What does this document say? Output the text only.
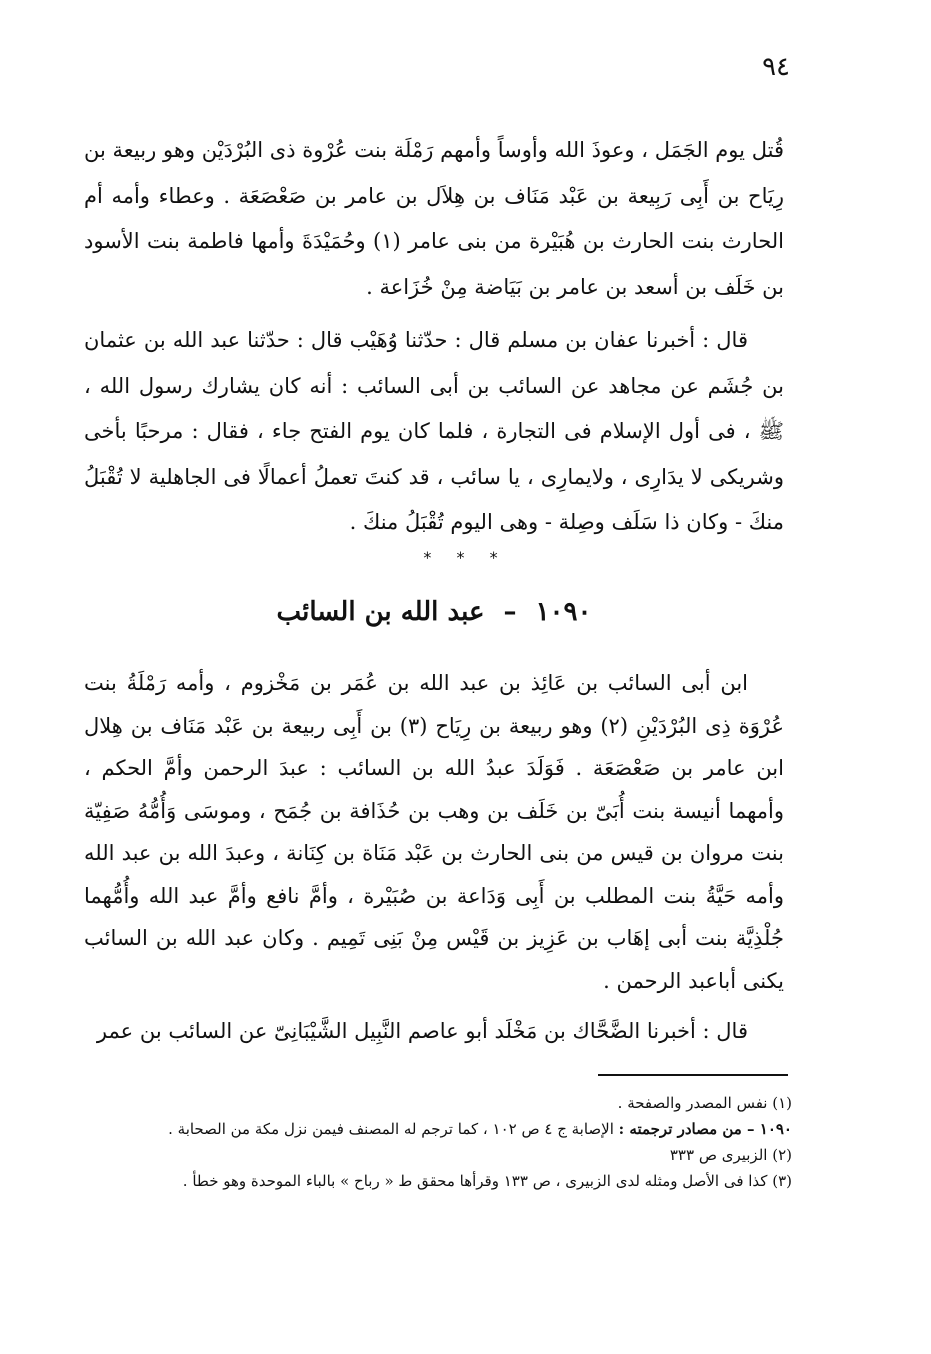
٩٤

قُتل يوم الجَمَل ، وعوذَ الله وأوساً وأمهم رَمْلَة بنت عُرْوة ذى البُرْدَيْن وهو ربيعة بن رِيَاح بن أَبِى رَبِيعة بن عَبْد مَنَاف بن هِلاَل بن عامر بن صَعْصَعَة . وعطاء وأمه أم الحارث بنت الحارث بن هُبَيْرة من بنى عامر (١) وحُمَيْدَةَ وأمها فاطمة بنت الأسود بن خَلَف بن أسعد بن عامر بن بَيَاضة مِنْ خُزَاعة .

قال : أخبرنا عفان بن مسلم قال : حدّثنا وُهَيْب قال : حدّثنا عبد الله بن عثمان بن جُشَم عن مجاهد عن السائب بن أبى السائب : أنه كان يشارك رسول الله ، ﷺ ، فى أول الإسلام فى التجارة ، فلما كان يوم الفتح جاء ، فقال : مرحبًا بأخى وشريكى لا يدَارِى ، ولايمارِى ، يا سائب ، قد كنتَ تعملُ أعمالًا فى الجاهلية لا تُقْبَلُ منكَ - وكان ذا سَلَف وصِلة - وهى اليوم تُقْبَلُ منكَ .

* * *
١٠٩٠ – عبد الله بن السائب

ابن أبى السائب بن عَائِذ بن عبد الله بن عُمَر بن مَخْزوم ، وأمه رَمْلَةُ بنت عُرْوَة ذِى البُرْدَيْنِ (٢) وهو ربيعة بن رِيَاح (٣) بن أَبِى ربيعة بن عَبْد مَنَاف بن هِلال ابن عامر بن صَعْصَعَة . فَوَلَدَ عبدُ الله بن السائب : عبدَ الرحمن وأمَّ الحكم ، وأمهما أنيسة بنت أُبَىّ بن خَلَف بن وهب بن حُذَافة بن جُمَح ، وموسَى وَأُمُّهُ صَفِيّة بنت مروان بن قيس من بنى الحارث بن عَبْد مَنَاة بن كِنَانة ، وعبدَ الله بن عبد الله وأمه حَيَّةُ بنت المطلب بن أَبِى وَدَاعة بن صُبَيْرة ، وأمَّ نافع وأمَّ عبد الله وأُمُّهما جُلْذِيَّة بنت أبى إهَاب بن عَزِيز بن قَيْس مِنْ بَنِى تَمِيم . وكان عبد الله بن السائب يكنى أباعبد الرحمن .

قال : أخبرنا الضَّحَّاك بن مَخْلَد أبو عاصم النَّبِيل الشَّيْبَانِىّ عن السائب بن عمر

(١) نفس المصدر والصفحة .

١٠٩٠ – من مصادر ترجمته : الإصابة ج ٤ ص ١٠٢ ، كما ترجم له المصنف فيمن نزل مكة من الصحابة .

(٢) الزبيرى ص ٣٣٣

(٣) كذا فى الأصل ومثله لدى الزبيرى ، ص ١٣٣ وقرأها محقق ط « رباح » بالباء الموحدة وهو خطأ .
